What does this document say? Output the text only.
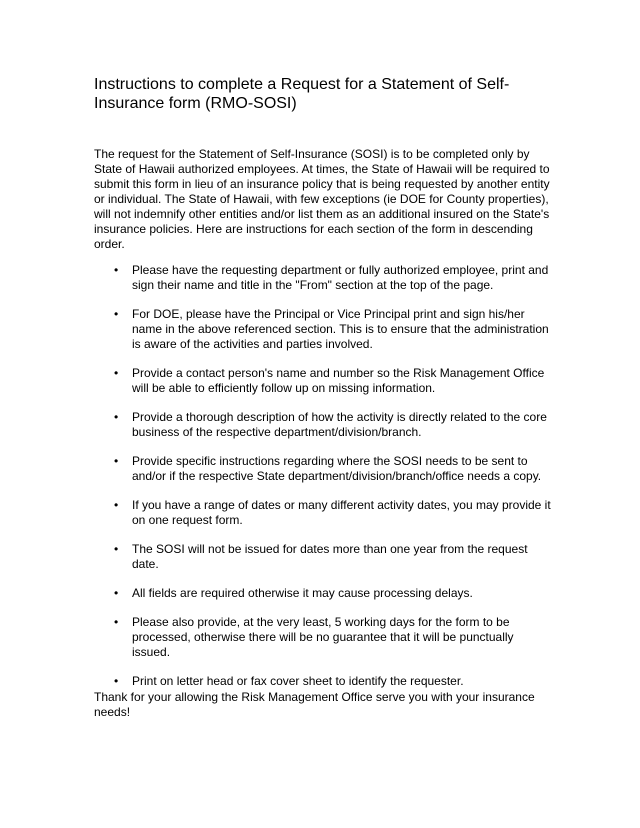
Instructions to complete a Request for a Statement of Self-Insurance form (RMO-SOSI)

The request for the Statement of Self-Insurance (SOSI) is to be completed only by State of Hawaii authorized employees. At times, the State of Hawaii will be required to submit this form in lieu of an insurance policy that is being requested by another entity or individual. The State of Hawaii, with few exceptions (ie DOE for County properties), will not indemnify other entities and/or list them as an additional insured on the State's insurance policies. Here are instructions for each section of the form in descending order.

• Please have the requesting department or fully authorized employee, print and sign their name and title in the "From" section at the top of the page.
• For DOE, please have the Principal or Vice Principal print and sign his/her name in the above referenced section. This is to ensure that the administration is aware of the activities and parties involved.
• Provide a contact person's name and number so the Risk Management Office will be able to efficiently follow up on missing information.
• Provide a thorough description of how the activity is directly related to the core business of the respective department/division/branch.
• Provide specific instructions regarding where the SOSI needs to be sent to and/or if the respective State department/division/branch/office needs a copy.
• If you have a range of dates or many different activity dates, you may provide it on one request form.
• The SOSI will not be issued for dates more than one year from the request date.
• All fields are required otherwise it may cause processing delays.
• Please also provide, at the very least, 5 working days for the form to be processed, otherwise there will be no guarantee that it will be punctually issued.
• Print on letter head or fax cover sheet to identify the requester.

Thank for your allowing the Risk Management Office serve you with your insurance needs!
